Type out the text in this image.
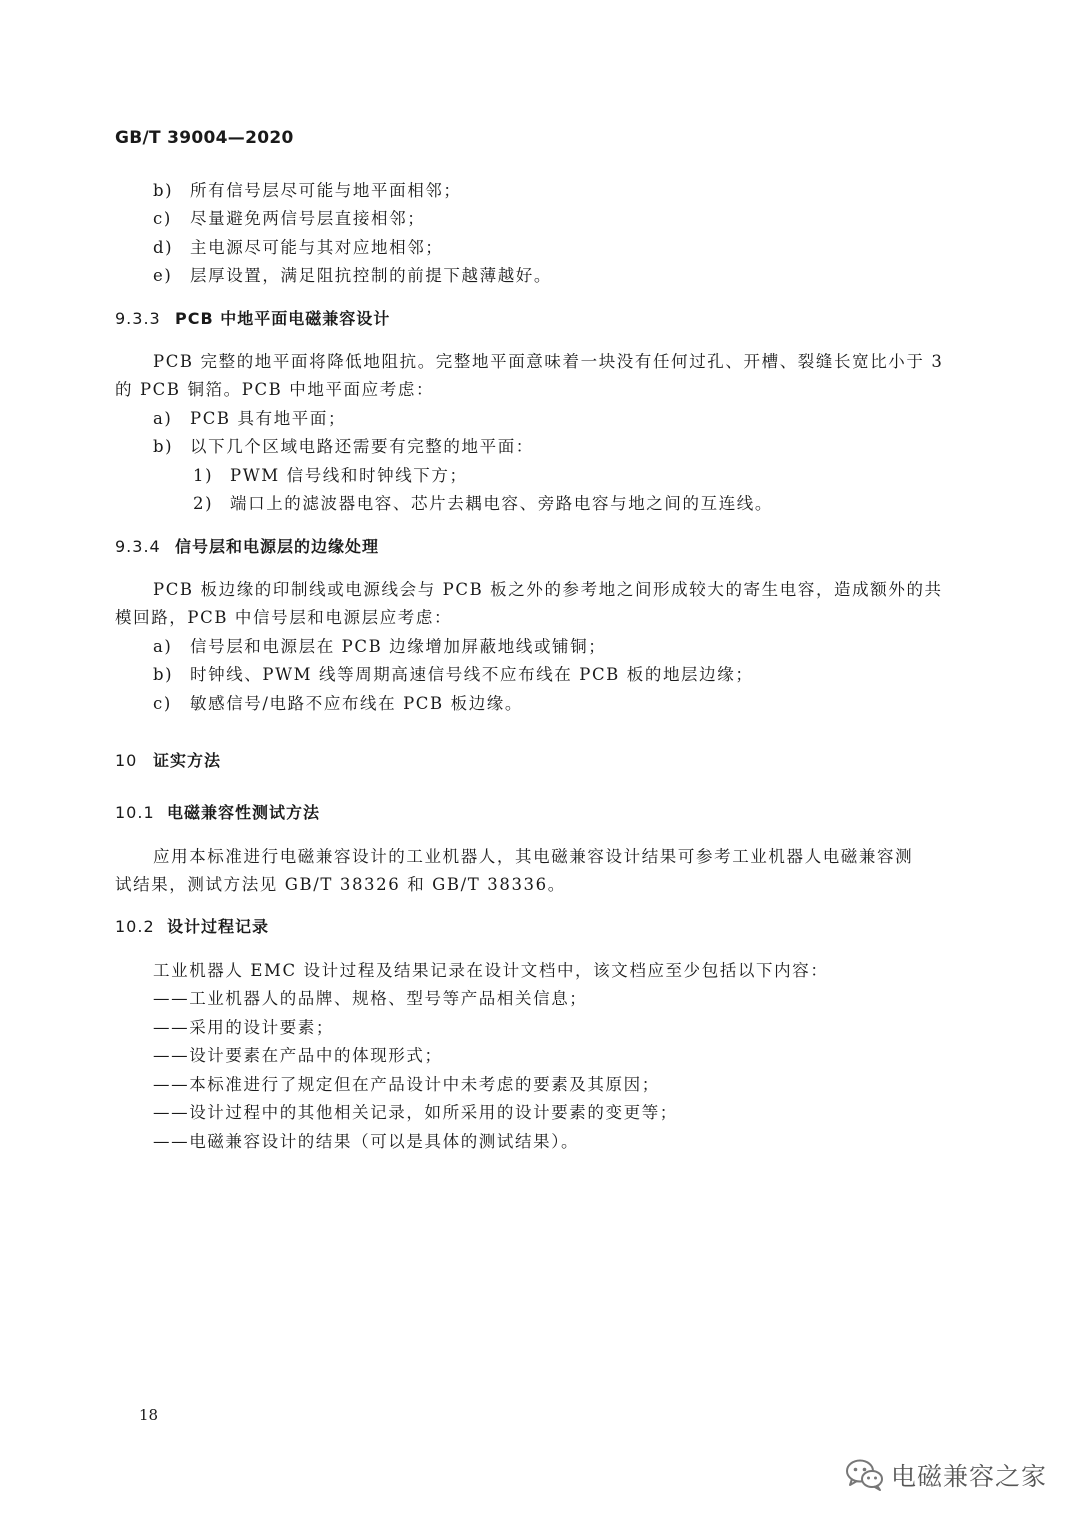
GB/T 39004—2020
b) 所有信号层尽可能与地平面相邻；
c) 尽量避免两信号层直接相邻；
d) 主电源尽可能与其对应地相邻；
e) 层厚设置，满足阻抗控制的前提下越薄越好。
9.3.3 PCB 中地平面电磁兼容设计
PCB 完整的地平面将降低地阻抗。完整地平面意味着一块没有任何过孔、开槽、裂缝长宽比小于 3
的 PCB 铜箔。PCB 中地平面应考虑：
a) PCB 具有地平面；
b) 以下几个区域电路还需要有完整的地平面：
1) PWM 信号线和时钟线下方；
2) 端口上的滤波器电容、芯片去耦电容、旁路电容与地之间的互连线。
9.3.4 信号层和电源层的边缘处理
PCB 板边缘的印制线或电源线会与 PCB 板之外的参考地之间形成较大的寄生电容，造成额外的共
模回路，PCB 中信号层和电源层应考虑：
a) 信号层和电源层在 PCB 边缘增加屏蔽地线或铺铜；
b) 时钟线、PWM 线等周期高速信号线不应布线在 PCB 板的地层边缘；
c) 敏感信号/电路不应布线在 PCB 板边缘。
10 证实方法
10.1 电磁兼容性测试方法
应用本标准进行电磁兼容设计的工业机器人，其电磁兼容设计结果可参考工业机器人电磁兼容测
试结果，测试方法见 GB/T 38326 和 GB/T 38336。
10.2 设计过程记录
工业机器人 EMC 设计过程及结果记录在设计文档中，该文档应至少包括以下内容：
——工业机器人的品牌、规格、型号等产品相关信息；
——采用的设计要素；
——设计要素在产品中的体现形式；
——本标准进行了规定但在产品设计中未考虑的要素及其原因；
——设计过程中的其他相关记录，如所采用的设计要素的变更等；
——电磁兼容设计的结果（可以是具体的测试结果）。
18
电磁兼容之家
